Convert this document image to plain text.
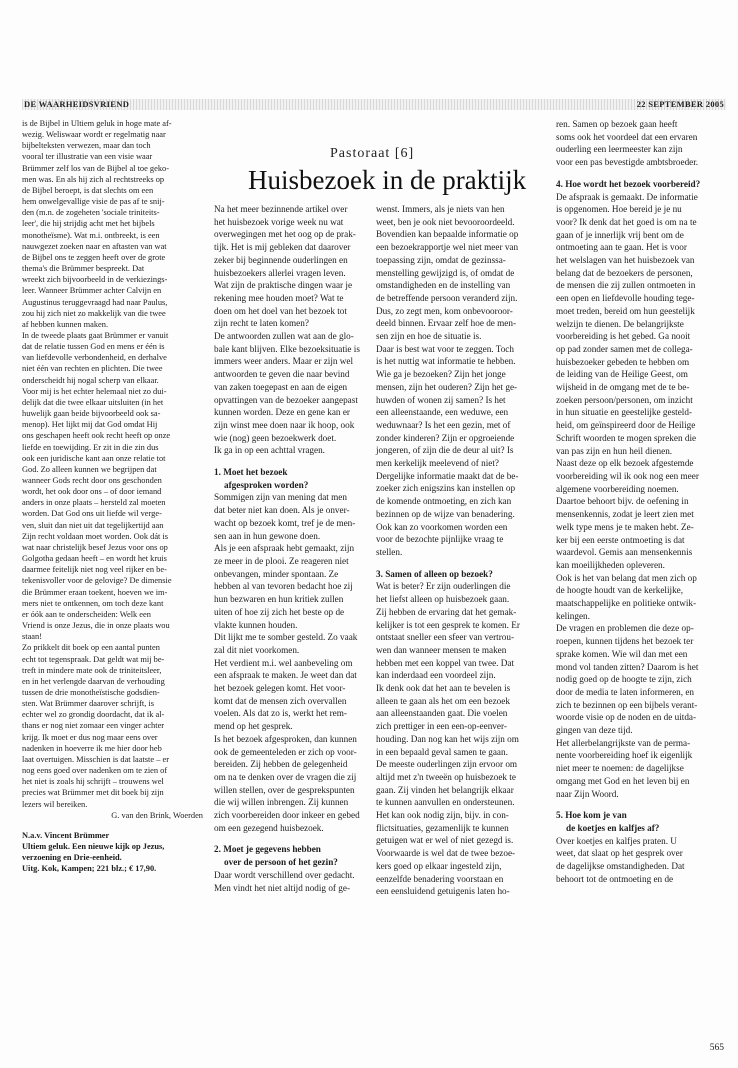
DE WAARHEIDSVRIEND	22 SEPTEMBER 2005
Pastoraat [6]
Huisbezoek in de praktijk
is de Bijbel in Ultiem geluk in hoge mate af-
wezig. Weliswaar wordt er regelmatig naar
bijbelteksten verwezen, maar dan toch
vooral ter illustratie van een visie waar
Brümmer zelf los van de Bijbel al toe geko-
men was. En als hij zich al rechtstreeks op
de Bijbel beroept, is dat slechts om een
hem onwelgevallige visie de pas af te snij-
den (m.n. de zogeheten 'sociale triniteits-
leer', die hij strijdig acht met het bijbels
monotheïsme). Wat m.i. ontbreekt, is een
nauwgezet zoeken naar en aftasten van wat
de Bijbel ons te zeggen heeft over de grote
thema's die Brümmer bespreekt. Dat
wreekt zich bijvoorbeeld in de verkiezings-
leer. Wanneer Brümmer achter Calvijn en
Augustinus teruggevraagd had naar Paulus,
zou hij zich niet zo makkelijk van die twee
af hebben kunnen maken.
In de tweede plaats gaat Brümmer er vanuit
dat de relatie tussen God en mens er één is
van liefdevolle verbondenheid, en derhalve
niet één van rechten en plichten. Die twee
onderscheidt hij nogal scherp van elkaar.
Voor mij is het echter helemaal niet zo dui-
delijk dat die twee elkaar uitsluiten (in het
huwelijk gaan beide bijvoorbeeld ook sa-
menop). Het lijkt mij dat God omdat Hij
ons geschapen heeft ook recht heeft op onze
liefde en toewijding. Er zit in die zin dus
ook een juridische kant aan onze relatie tot
God. Zo alleen kunnen we begrijpen dat
wanneer Gods recht door ons geschonden
wordt, het ook door ons – of door iemand
anders in onze plaats – hersteld zal moeten
worden. Dat God ons uit liefde wil verge-
ven, sluit dan niet uit dat tegelijkertijd aan
Zijn recht voldaan moet worden. Ook dát is
wat naar christelijk besef Jezus voor ons op
Golgotha gedaan heeft – en wordt het kruis
daarmee feitelijk niet nog veel rijker en be-
tekenisvoller voor de gelovige? De dimensie
die Brümmer eraan toekent, hoeven we im-
mers niet te ontkennen, om toch deze kant
er óók aan te onderscheiden: Welk een
Vriend is onze Jezus, die in onze plaats wou
staan!
Zo prikkelt dit boek op een aantal punten
echt tot tegenspraak. Dat geldt wat mij be-
treft in mindere mate ook de triniteitsleer,
en in het verlengde daarvan de verhouding
tussen de drie monotheïstische godsdien-
sten. Wat Brümmer daarover schrijft, is
echter wel zo grondig doordacht, dat ik al-
thans er nog niet zomaar een vinger achter
krijg. Ik moet er dus nog maar eens over
nadenken in hoeverre ik me hier door heb
laat overtuigen. Misschien is dat laatste – er
nog eens goed over nadenken om te zien of
het niet is zoals hij schrijft – trouwens wel
precies wat Brümmer met dit boek bij zijn
lezers wil bereiken.
G. van den Brink, Woerden
N.a.v. Vincent Brümmer
Ultiem geluk. Een nieuwe kijk op Jezus,
verzoening en Drie-eenheid.
Uitg. Kok, Kampen; 221 blz.; € 17,90.
Na het meer bezinnende artikel over
het huisbezoek vorige week nu wat
overwegingen met het oog op de prak-
tijk. Het is mij gebleken dat daarover
zeker bij beginnende ouderlingen en
huisbezoekers allerlei vragen leven.
Wat zijn de praktische dingen waar je
rekening mee houden moet? Wat te
doen om het doel van het bezoek tot
zijn recht te laten komen?
De antwoorden zullen wat aan de glo-
bale kant blijven. Elke bezoeksituatie is
immers weer anders. Maar er zijn wel
antwoorden te geven die naar bevind
van zaken toegepast en aan de eigen
opvattingen van de bezoeker aangepast
kunnen worden. Deze en gene kan er
zijn winst mee doen naar ik hoop, ook
wie (nog) geen bezoekwerk doet.
Ik ga in op een achttal vragen.
1. Moet het bezoek
afgesproken worden?
Sommigen zijn van mening dat men
dat beter niet kan doen. Als je onver-
wacht op bezoek komt, tref je de men-
sen aan in hun gewone doen.
Als je een afspraak hebt gemaakt, zijn
ze meer in de plooi. Ze reageren niet
onbevangen, minder spontaan. Ze
hebben al van tevoren bedacht hoe zij
hun bezwaren en hun kritiek zullen
uiten of hoe zij zich het beste op de
vlakte kunnen houden.
Dit lijkt me te somber gesteld. Zo vaak
zal dit niet voorkomen.
Het verdient m.i. wel aanbeveling om
een afspraak te maken. Je weet dan dat
het bezoek gelegen komt. Het voor-
komt dat de mensen zich overvallen
voelen. Als dat zo is, werkt het rem-
mend op het gesprek.
Is het bezoek afgesproken, dan kunnen
ook de gemeenteleden er zich op voor-
bereiden. Zij hebben de gelegenheid
om na te denken over de vragen die zij
willen stellen, over de gesprekspunten
die wij willen inbrengen. Zij kunnen
zich voorbereiden door inkeer en gebed
om een gezegend huisbezoek.
2. Moet je gegevens hebben
over de persoon of het gezin?
Daar wordt verschillend over gedacht.
Men vindt het niet altijd nodig of ge-
wenst. Immers, als je niets van hen
weet, ben je ook niet bevooroordeeld.
Bovendien kan bepaalde informatie op
een bezoekrapportje wel niet meer van
toepassing zijn, omdat de gezinssa-
menstelling gewijzigd is, of omdat de
omstandigheden en de instelling van
de betreffende persoon veranderd zijn.
Dus, zo zegt men, kom onbevooroor-
deeld binnen. Ervaar zelf hoe de men-
sen zijn en hoe de situatie is.
Daar is best wat voor te zeggen. Toch
is het nuttig wat informatie te hebben.
Wie ga je bezoeken? Zijn het jonge
mensen, zijn het ouderen? Zijn het ge-
huwden of wonen zij samen? Is het
een alleenstaande, een weduwe, een
weduwnaar? Is het een gezin, met of
zonder kinderen? Zijn er opgroeiende
jongeren, of zijn die de deur al uit? Is
men kerkelijk meelevend of niet?
Dergelijke informatie maakt dat de be-
zoeker zich enigszins kan instellen op
de komende ontmoeting, en zich kan
bezinnen op de wijze van benadering.
Ook kan zo voorkomen worden een
voor de bezochte pijnlijke vraag te
stellen.
3. Samen of alleen op bezoek?
Wat is beter? Er zijn ouderlingen die
het liefst alleen op huisbezoek gaan.
Zij hebben de ervaring dat het gemak-
kelijker is tot een gesprek te komen. Er
ontstaat sneller een sfeer van vertrou-
wen dan wanneer mensen te maken
hebben met een koppel van twee. Dat
kan inderdaad een voordeel zijn.
Ik denk ook dat het aan te bevelen is
alleen te gaan als het om een bezoek
aan alleenstaanden gaat. Die voelen
zich prettiger in een een-op-eenver-
houding. Dan nog kan het wijs zijn om
in een bepaald geval samen te gaan.
De meeste ouderlingen zijn ervoor om
altijd met z'n tweeën op huisbezoek te
gaan. Zij vinden het belangrijk elkaar
te kunnen aanvullen en ondersteunen.
Het kan ook nodig zijn, bijv. in con-
flictsituaties, gezamenlijk te kunnen
getuigen wat er wel of niet gezegd is.
Voorwaarde is wel dat de twee bezoe-
kers goed op elkaar ingesteld zijn,
eenzelfde benadering voorstaan en
een eensluidend getuigenis laten ho-
ren. Samen op bezoek gaan heeft
soms ook het voordeel dat een ervaren
ouderling een leermeester kan zijn
voor een pas bevestigde ambtsbroeder.
4. Hoe wordt het bezoek voorbereid?
De afspraak is gemaakt. De informatie
is opgenomen. Hoe bereid je je nu
voor? Ik denk dat het goed is om na te
gaan of je innerlijk vrij bent om de
ontmoeting aan te gaan. Het is voor
het welslagen van het huisbezoek van
belang dat de bezoekers de personen,
de mensen die zij zullen ontmoeten in
een open en liefdevolle houding tege-
moet treden, bereid om hun geestelijk
welzijn te dienen. De belangrijkste
voorbereiding is het gebed. Ga nooit
op pad zonder samen met de collega-
huisbezoeker gebeden te hebben om
de leiding van de Heilige Geest, om
wijsheid in de omgang met de te be-
zoeken persoon/personen, om inzicht
in hun situatie en geestelijke gesteld-
heid, om geïnspireerd door de Heilige
Schrift woorden te mogen spreken die
van pas zijn en hun heil dienen.
Naast deze op elk bezoek afgestemde
voorbereiding wil ik ook nog een meer
algemene voorbereiding noemen.
Daartoe behoort bijv. de oefening in
mensenkennis, zodat je leert zien met
welk type mens je te maken hebt. Ze-
ker bij een eerste ontmoeting is dat
waardevol. Gemis aan mensenkennis
kan moeilijkheden opleveren.
Ook is het van belang dat men zich op
de hoogte houdt van de kerkelijke,
maatschappelijke en politieke ontwik-
kelingen.
De vragen en problemen die deze op-
roepen, kunnen tijdens het bezoek ter
sprake komen. Wie wil dan met een
mond vol tanden zitten? Daarom is het
nodig goed op de hoogte te zijn, zich
door de media te laten informeren, en
zich te bezinnen op een bijbels verant-
woorde visie op de noden en de uitda-
gingen van deze tijd.
Het allerbelangrijkste van de perma-
nente voorbereiding hoef ik eigenlijk
niet meer te noemen: de dagelijkse
omgang met God en het leven bij en
naar Zijn Woord.
5. Hoe kom je van
de koetjes en kalfjes af?
Over koetjes en kalfjes praten. U
weet, dat slaat op het gesprek over
de dagelijkse omstandigheden. Dat
behoort tot de ontmoeting en de
565
